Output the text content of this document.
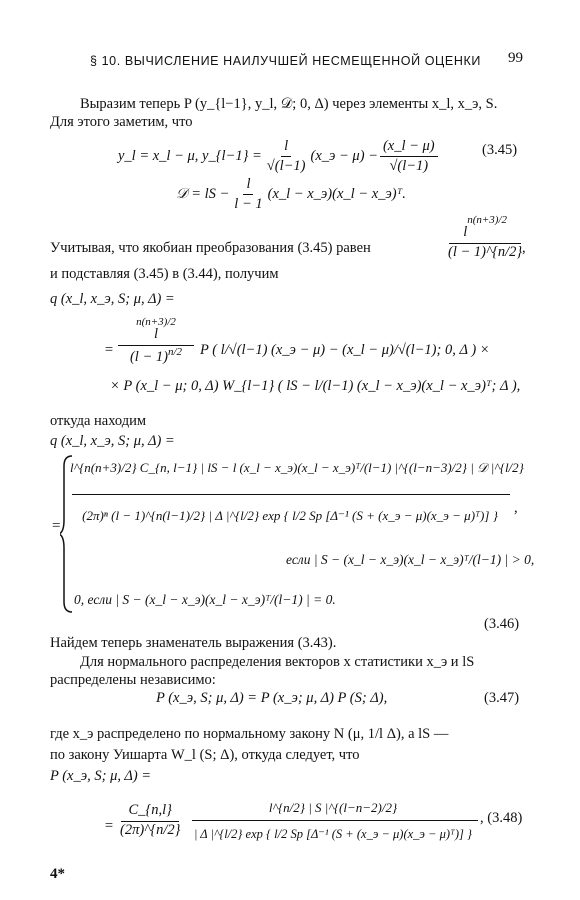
§ 10. ВЫЧИСЛЕНИЕ НАИЛУЧШЕЙ НЕСМЕЩЕННОЙ ОЦЕНКИ 99
Выразим теперь P (y_{l−1}, y_l, 𝒟; 0, Δ) через элементы x_l, x_э, S.
Для этого заметим, что
y_l = x_l − μ, y_{l−1} = $\frac{l}{√(l-1)}$ (x_э − $\mu) - \frac{(x\_l - \mu)}{√(l-1)}$	(3.45)
𝒟 = lS − $\frac{l}{l - 1}$ (x_l − x_э)(x_l − x_э)ᵀ.
Учитывая, что якобиан преобразования (3.45) равен
l
n(n+3)/2
(l − 1)^{n/2} ,
и подставляя (3.45) в (3.44), получим
q (x_l, x_э, S; μ, Δ) =
n(n+3)/2
l
$(l - 1)^{n/2}$
=	P ( l/√(l−1) (x_э − μ) − (x_l − μ)/√(l−1); 0, Δ ) ×
× P (x_l − μ; 0, Δ) W_{l−1} ( lS − l/(l−1) (x_l − x_э)(x_l − x_э)ᵀ; Δ ),
откуда находим
q (x_l, x_э, S; μ, Δ) =
=
l^{n(n+3)/2} C_{n, l−1} | lS − l (x_l − x_э)(x_l − x_э)ᵀ/(l−1) |^{(l−n−3)/2} | 𝒟 |^{l/2}
(2π)ⁿ (l − 1)^{n(l−1)/2} | Δ |^{l/2} exp { l/2 Sp [Δ⁻¹ (S + (x_э − μ)(x_э − μ)ᵀ)] }	,
если | S − (x_l − x_э)(x_l − x_э)ᵀ/(l−1) | > 0,
0, если | S − (x_l − x_э)(x_l − x_э)ᵀ/(l−1) | = 0.
(3.46)
Найдем теперь знаменатель выражения (3.43).
Для нормального распределения векторов x статистики x_э и lS
распределены независимо:
P (x_э, S; μ, Δ) = P (x_э; μ, Δ) P (S; Δ),	(3.47)
где x_э распределено по нормальному закону N (μ, 1/l Δ), а lS —
по закону Уишарта W_l (S; Δ), откуда следует, что
P (x_э, S; μ, Δ) =
=
C_{n,l}
(2π)^{n/2}
l^{n/2} | S |^{(l−n−2)/2}
| Δ |^{l/2} exp { l/2 Sp [Δ⁻¹ (S + (x_э − μ)(x_э − μ)ᵀ)] }
, (3.48)
4*
